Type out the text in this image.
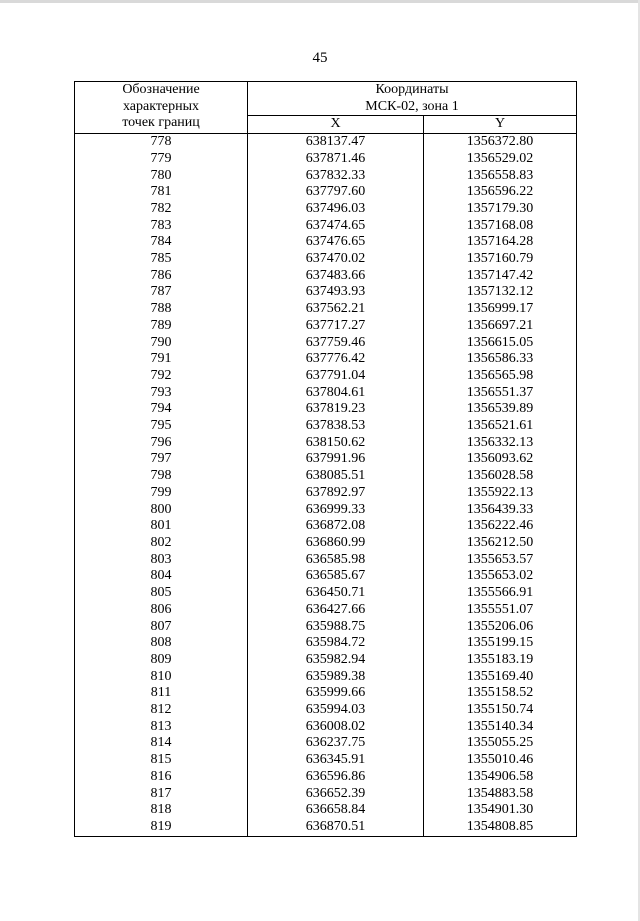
45
Обозначение
характерных
точек границ	Координаты
МСК-02, зона 1	

	X	Y
778	638137.47	1356372.80
779	637871.46	1356529.02
780	637832.33	1356558.83
781	637797.60	1356596.22
782	637496.03	1357179.30
783	637474.65	1357168.08
784	637476.65	1357164.28
785	637470.02	1357160.79
786	637483.66	1357147.42
787	637493.93	1357132.12
788	637562.21	1356999.17
789	637717.27	1356697.21
790	637759.46	1356615.05
791	637776.42	1356586.33
792	637791.04	1356565.98
793	637804.61	1356551.37
794	637819.23	1356539.89
795	637838.53	1356521.61
796	638150.62	1356332.13
797	637991.96	1356093.62
798	638085.51	1356028.58
799	637892.97	1355922.13
800	636999.33	1356439.33
801	636872.08	1356222.46
802	636860.99	1356212.50
803	636585.98	1355653.57
804	636585.67	1355653.02
805	636450.71	1355566.91
806	636427.66	1355551.07
807	635988.75	1355206.06
808	635984.72	1355199.15
809	635982.94	1355183.19
810	635989.38	1355169.40
811	635999.66	1355158.52
812	635994.03	1355150.74
813	636008.02	1355140.34
814	636237.75	1355055.25
815	636345.91	1355010.46
816	636596.86	1354906.58
817	636652.39	1354883.58
818	636658.84	1354901.30
819	636870.51	1354808.85
